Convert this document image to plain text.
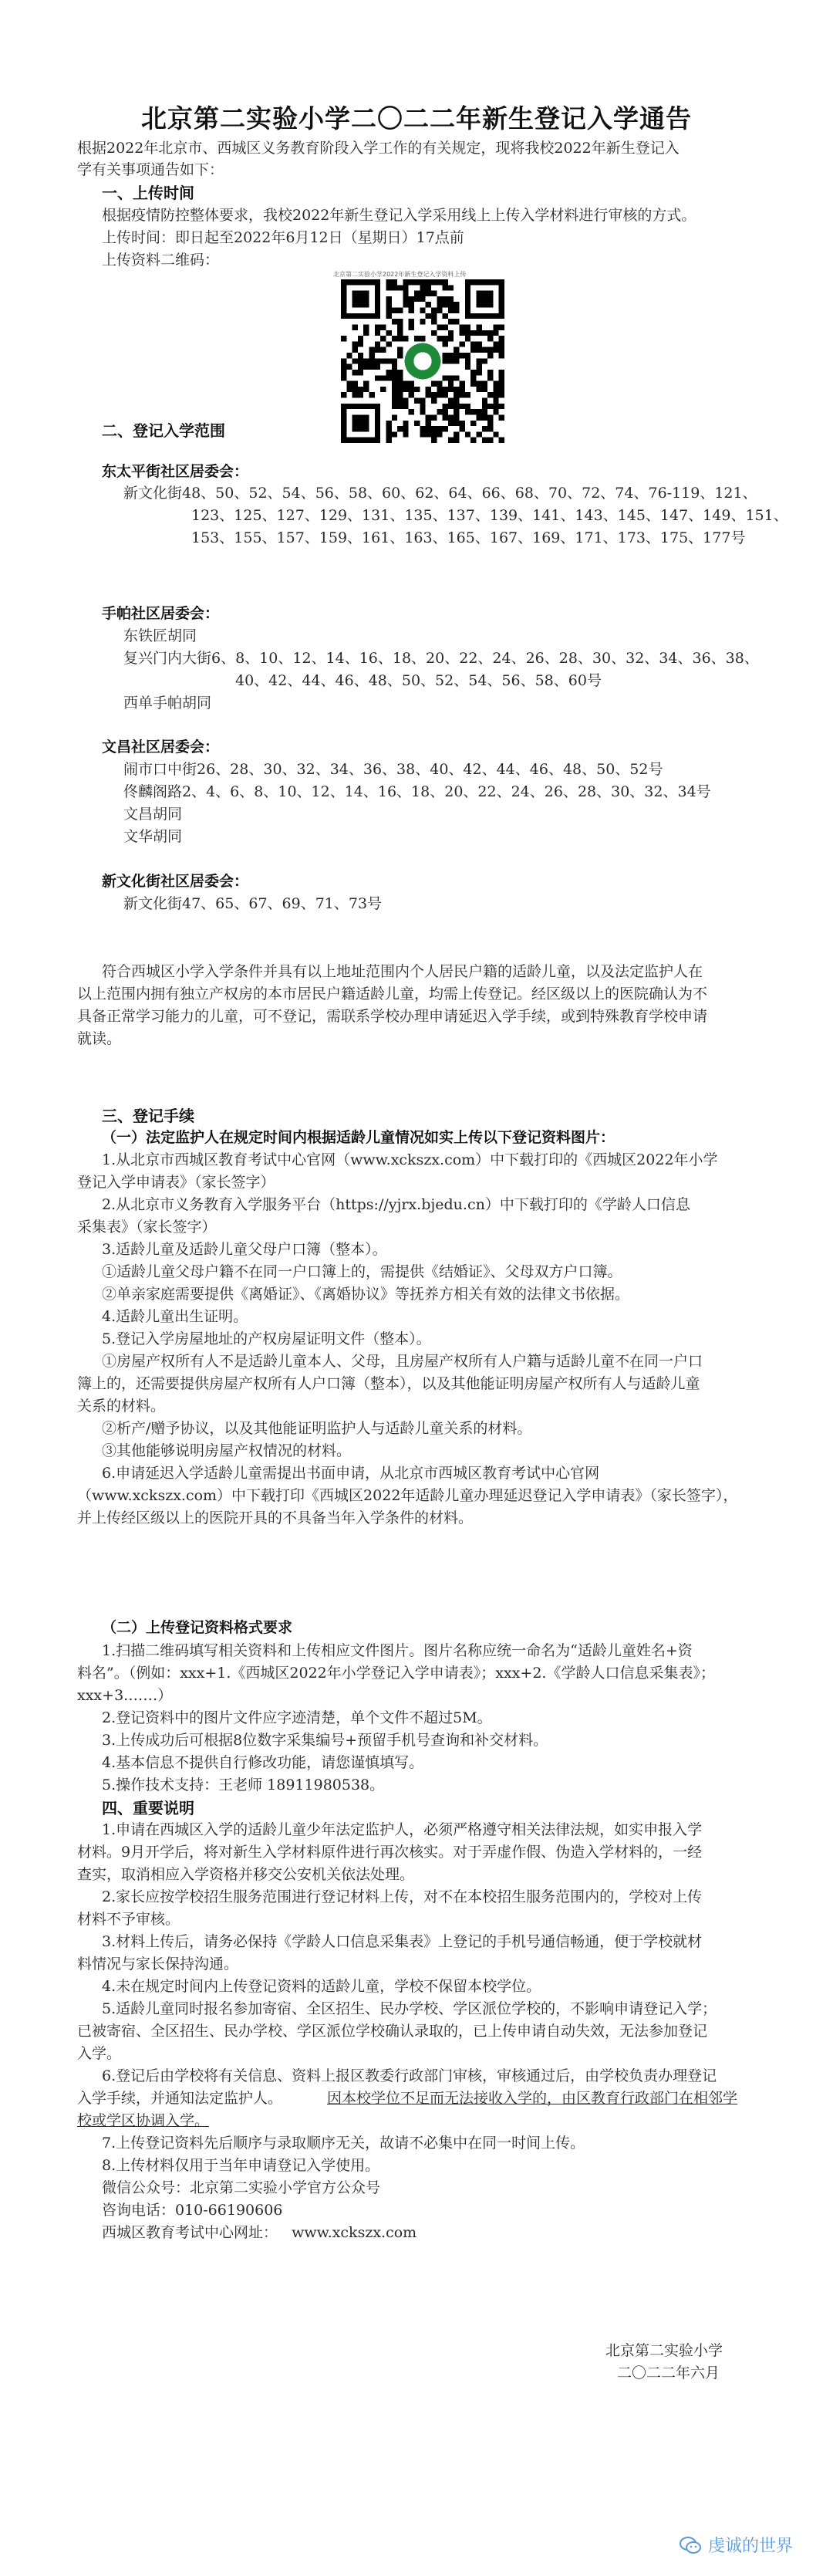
北京第二实验小学二〇二二年新生登记入学通告
根据2022年北京市、西城区义务教育阶段入学工作的有关规定，现将我校2022年新生登记入
学有关事项通告如下：
一、上传时间
根据疫情防控整体要求，我校2022年新生登记入学采用线上上传入学材料进行审核的方式。
上传时间：即日起至2022年6月12日（星期日）17点前
上传资料二维码：
北京第二实验小学2022年新生登记入学资料上传
二、登记入学范围
东太平街社区居委会：
新文化街48、50、52、54、56、58、60、62、64、66、68、70、72、74、76-119、121、
123、125、127、129、131、135、137、139、141、143、145、147、149、151、
153、155、157、159、161、163、165、167、169、171、173、175、177号
手帕社区居委会：
东铁匠胡同
复兴门内大街6、8、10、12、14、16、18、20、22、24、26、28、30、32、34、36、38、
40、42、44、46、48、50、52、54、56、58、60号
西单手帕胡同
文昌社区居委会：
闹市口中街26、28、30、32、34、36、38、40、42、44、46、48、50、52号
佟麟阁路2、4、6、8、10、12、14、16、18、20、22、24、26、28、30、32、34号
文昌胡同
文华胡同
新文化街社区居委会：
新文化街47、65、67、69、71、73号
符合西城区小学入学条件并具有以上地址范围内个人居民户籍的适龄儿童，以及法定监护人在
以上范围内拥有独立产权房的本市居民户籍适龄儿童，均需上传登记。经区级以上的医院确认为不
具备正常学习能力的儿童，可不登记，需联系学校办理申请延迟入学手续，或到特殊教育学校申请
就读。
三、登记手续
（一）法定监护人在规定时间内根据适龄儿童情况如实上传以下登记资料图片：
1.从北京市西城区教育考试中心官网（www.xckszx.com）中下载打印的《西城区2022年小学
登记入学申请表》（家长签字）
2.从北京市义务教育入学服务平台（https://yjrx.bjedu.cn）中下载打印的《学龄人口信息
采集表》（家长签字）
3.适龄儿童及适龄儿童父母户口簿（整本）。
①适龄儿童父母户籍不在同一户口簿上的，需提供《结婚证》、父母双方户口簿。
②单亲家庭需要提供《离婚证》、《离婚协议》等抚养方相关有效的法律文书依据。
4.适龄儿童出生证明。
5.登记入学房屋地址的产权房屋证明文件（整本）。
①房屋产权所有人不是适龄儿童本人、父母，且房屋产权所有人户籍与适龄儿童不在同一户口
簿上的，还需要提供房屋产权所有人户口簿（整本），以及其他能证明房屋产权所有人与适龄儿童
关系的材料。
②析产/赠予协议，以及其他能证明监护人与适龄儿童关系的材料。
③其他能够说明房屋产权情况的材料。
6.申请延迟入学适龄儿童需提出书面申请，从北京市西城区教育考试中心官网
（www.xckszx.com）中下载打印《西城区2022年适龄儿童办理延迟登记入学申请表》（家长签字），
并上传经区级以上的医院开具的不具备当年入学条件的材料。
（二）上传登记资料格式要求
1.扫描二维码填写相关资料和上传相应文件图片。图片名称应统一命名为“适龄儿童姓名+资
料名”。（例如：xxx+1.《西城区2022年小学登记入学申请表》；xxx+2.《学龄人口信息采集表》；
xxx+3.……）
2.登记资料中的图片文件应字迹清楚，单个文件不超过5M。
3.上传成功后可根据8位数字采集编号+预留手机号查询和补交材料。
4.基本信息不提供自行修改功能，请您谨慎填写。
5.操作技术支持：王老师 18911980538。
四、重要说明
1.申请在西城区入学的适龄儿童少年法定监护人，必须严格遵守相关法律法规，如实申报入学
材料。9月开学后，将对新生入学材料原件进行再次核实。对于弄虚作假、伪造入学材料的，一经
查实，取消相应入学资格并移交公安机关依法处理。
2.家长应按学校招生服务范围进行登记材料上传，对不在本校招生服务范围内的，学校对上传
材料不予审核。
3.材料上传后，请务必保持《学龄人口信息采集表》上登记的手机号通信畅通，便于学校就材
料情况与家长保持沟通。
4.未在规定时间内上传登记资料的适龄儿童，学校不保留本校学位。
5.适龄儿童同时报名参加寄宿、全区招生、民办学校、学区派位学校的，不影响申请登记入学；
已被寄宿、全区招生、民办学校、学区派位学校确认录取的，已上传申请自动失效，无法参加登记
入学。
6.登记后由学校将有关信息、资料上报区教委行政部门审核，审核通过后，由学校负责办理登记
入学手续，并通知法定监护人。	因本校学位不足而无法接收入学的，由区教育行政部门在相邻学
校或学区协调入学。
7.上传登记资料先后顺序与录取顺序无关，故请不必集中在同一时间上传。
8.上传材料仅用于当年申请登记入学使用。
微信公众号：北京第二实验小学官方公众号
咨询电话：010-66190606
西城区教育考试中心网址：   www.xckszx.com
北京第二实验小学
二〇二二年六月
虔诚的世界
